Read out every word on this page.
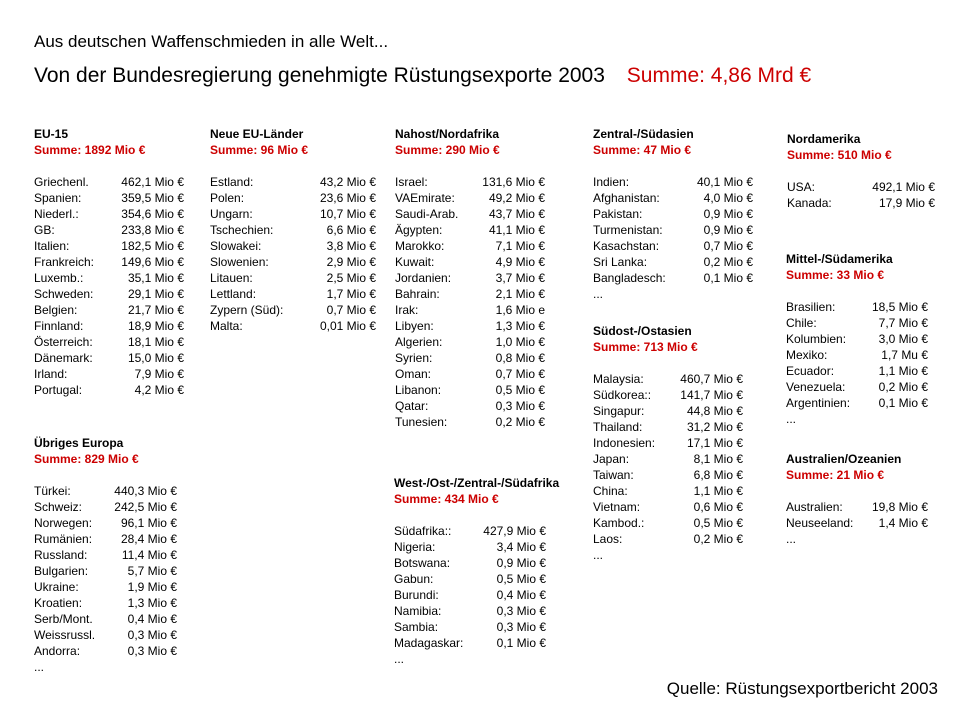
Aus deutschen Waffenschmieden in alle Welt...
Von der Bundesregierung genehmigte Rüstungsexporte 2003 Summe: 4,86 Mrd €
EU-15
Summe: 1892 Mio €
Griechenl.	462,1 Mio €
Spanien:	359,5 Mio €
Niederl.:	354,6 Mio €
GB:	233,8 Mio €
Italien:	182,5 Mio €
Frankreich: 149,6 Mio €
Luxemb.:	35,1 Mio €
Schweden:	29,1 Mio €
Belgien:	21,7 Mio €
Finnland:	18,9 Mio €
Österreich:	18,1 Mio €
Dänemark:	15,0 Mio €
Irland:	7,9 Mio €
Portugal:	4,2 Mio €
Übriges Europa
Summe: 829 Mio €
Türkei:	440,3 Mio €
Schweiz:	242,5 Mio €
Norwegen: 96,1 Mio €
Rumänien: 28,4 Mio €
Russland:	11,4 Mio €
Bulgarien:	5,7 Mio €
Ukraine:	1,9 Mio €
Kroatien:	1,3 Mio €
Serb/Mont.	0,4 Mio €
Weissrussl.	0,3 Mio €
Andorra:	0,3 Mio €
...
Neue EU-Länder
Summe: 96 Mio €
Estland:	43,2 Mio €
Polen:	23,6 Mio €
Ungarn:	10,7 Mio €
Tschechien:	6,6 Mio €
Slowakei:	3,8 Mio €
Slowenien:	2,9 Mio €
Litauen:	2,5 Mio €
Lettland:	1,7 Mio €
Zypern (Süd):	0,7 Mio €
Malta:	0,01 Mio €
Nahost/Nordafrika
Summe: 290 Mio €
Israel:	131,6 Mio €
VAEmirate:	49,2 Mio €
Saudi-Arab.	43,7 Mio €
Ägypten:	41,1 Mio €
Marokko:	7,1 Mio €
Kuwait:	4,9 Mio €
Jordanien:	3,7 Mio €
Bahrain:	2,1 Mio €
Irak:	1,6 Mio e
Libyen:	1,3 Mio €
Algerien:	1,0 Mio €
Syrien:	0,8 Mio €
Oman:	0,7 Mio €
Libanon:	0,5 Mio €
Qatar:	0,3 Mio €
Tunesien:	0,2 Mio €
West-/Ost-/Zentral-/Südafrika
Summe: 434 Mio €
Südafrika::	427,9 Mio €
Nigeria:	3,4 Mio €
Botswana:	0,9 Mio €
Gabun:	0,5 Mio €
Burundi:	0,4 Mio €
Namibia:	0,3 Mio €
Sambia:	0,3 Mio €
Madagaskar:	0,1 Mio €
...
Zentral-/Südasien
Summe: 47 Mio €
Indien:	40,1 Mio €
Afghanistan:	4,0 Mio €
Pakistan:	0,9 Mio €
Turmenistan:	0,9 Mio €
Kasachstan:	0,7 Mio €
Sri Lanka:	0,2 Mio €
Bangladesch:	0,1 Mio €
...
Südost-/Ostasien
Summe: 713 Mio €
Malaysia:	460,7 Mio €
Südkorea:: 141,7 Mio €
Singapur:	44,8 Mio €
Thailand:	31,2 Mio €
Indonesien:	17,1 Mio €
Japan:	8,1 Mio €
Taiwan:	6,8 Mio €
China:	1,1 Mio €
Vietnam:	0,6 Mio €
Kambod.:	0,5 Mio €
Laos:	0,2 Mio €
...
Nordamerika
Summe: 510 Mio €
USA:	492,1 Mio €
Kanada:	17,9 Mio €
Mittel-/Südamerika
Summe: 33 Mio €
Brasilien:	18,5 Mio €
Chile:	7,7 Mio €
Kolumbien:	3,0 Mio €
Mexiko:	1,7 Mu €
Ecuador:	1,1 Mio €
Venezuela:	0,2 Mio €
Argentinien: 0,1 Mio €
...
Australien/Ozeanien
Summe: 21 Mio €
Australien: 19,8 Mio €
Neuseeland: 1,4 Mio €
...
Quelle: Rüstungsexportbericht 2003
